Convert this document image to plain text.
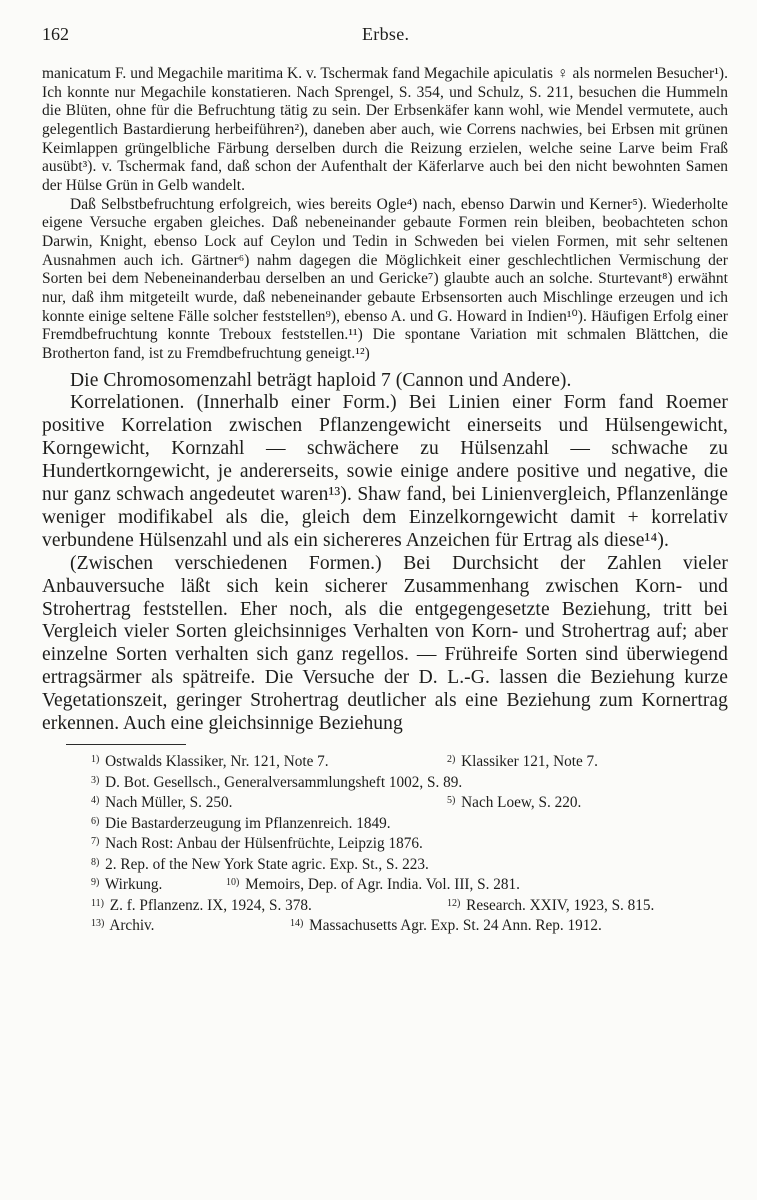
162	Erbse.

manicatum F. und Megachile maritima K. v. Tschermak fand Megachile apiculatis ♀ als normelen Besucher¹). Ich konnte nur Megachile konstatieren. Nach Sprengel, S. 354, und Schulz, S. 211, besuchen die Hummeln die Blüten, ohne für die Befruchtung tätig zu sein. Der Erbsenkäfer kann wohl, wie Mendel vermutete, auch gelegentlich Bastardierung herbeiführen²), daneben aber auch, wie Correns nachwies, bei Erbsen mit grünen Keimlappen grüngelbliche Färbung derselben durch die Reizung erzielen, welche seine Larve beim Fraß ausübt³). v. Tschermak fand, daß schon der Aufenthalt der Käferlarve auch bei den nicht bewohnten Samen der Hülse Grün in Gelb wandelt.

Daß Selbstbefruchtung erfolgreich, wies bereits Ogle⁴) nach, ebenso Darwin und Kerner⁵). Wiederholte eigene Versuche ergaben gleiches. Daß nebeneinander gebaute Formen rein bleiben, beobachteten schon Darwin, Knight, ebenso Lock auf Ceylon und Tedin in Schweden bei vielen Formen, mit sehr seltenen Ausnahmen auch ich. Gärtner⁶) nahm dagegen die Möglichkeit einer geschlechtlichen Vermischung der Sorten bei dem Nebeneinanderbau derselben an und Gericke⁷) glaubte auch an solche. Sturtevant⁸) erwähnt nur, daß ihm mitgeteilt wurde, daß nebeneinander gebaute Erbsensorten auch Mischlinge erzeugen und ich konnte einige seltene Fälle solcher feststellen⁹), ebenso A. und G. Howard in Indien¹⁰). Häufigen Erfolg einer Fremdbefruchtung konnte Treboux feststellen.¹¹) Die spontane Variation mit schmalen Blättchen, die Brotherton fand, ist zu Fremdbefruchtung geneigt.¹²)

Die Chromosomenzahl beträgt haploid 7 (Cannon und Andere).

Korrelationen. (Innerhalb einer Form.) Bei Linien einer Form fand Roemer positive Korrelation zwischen Pflanzengewicht einerseits und Hülsengewicht, Korngewicht, Kornzahl — schwächere zu Hülsenzahl — schwache zu Hundertkorngewicht, je andererseits, sowie einige andere positive und negative, die nur ganz schwach angedeutet waren¹³). Shaw fand, bei Linienvergleich, Pflanzenlänge weniger modifikabel als die, gleich dem Einzelkorngewicht damit + korrelativ verbundene Hülsenzahl und als ein sichereres Anzeichen für Ertrag als diese¹⁴).

(Zwischen verschiedenen Formen.) Bei Durchsicht der Zahlen vieler Anbauversuche läßt sich kein sicherer Zusammenhang zwischen Korn- und Strohertrag feststellen. Eher noch, als die entgegengesetzte Beziehung, tritt bei Vergleich vieler Sorten gleichsinniges Verhalten von Korn- und Strohertrag auf; aber einzelne Sorten verhalten sich ganz regellos. — Frühreife Sorten sind überwiegend ertragsärmer als spätreife. Die Versuche der D. L.-G. lassen die Beziehung kurze Vegetationszeit, geringer Strohertrag deutlicher als eine Beziehung zum Kornertrag erkennen. Auch eine gleichsinnige Beziehung

$^{1)}$ Ostwalds Klassiker, Nr. 121, Note 7.	$^{2)}$ Klassiker 121, Note 7.
$^{3)}$ D. Bot. Gesellsch., Generalversammlungsheft 1002, S. 89.
$^{4)}$ Nach Müller, S. 250.	$^{5)}$ Nach Loew, S. 220.
$^{6)}$ Die Bastarderzeugung im Pflanzenreich. 1849.
$^{7)}$ Nach Rost: Anbau der Hülsenfrüchte, Leipzig 1876.
$^{8)}$ 2. Rep. of the New York State agric. Exp. St., S. 223.
$^{9)}$ Wirkung.	$^{10)}$ Memoirs, Dep. of Agr. India. Vol. III, S. 281.
$^{11)}$ Z. f. Pflanzenz. IX, 1924, S. 378.	$^{12)}$ Research. XXIV, 1923, S. 815.
$^{13)}$ Archiv.	$^{14)}$ Massachusetts Agr. Exp. St. 24 Ann. Rep. 1912.
